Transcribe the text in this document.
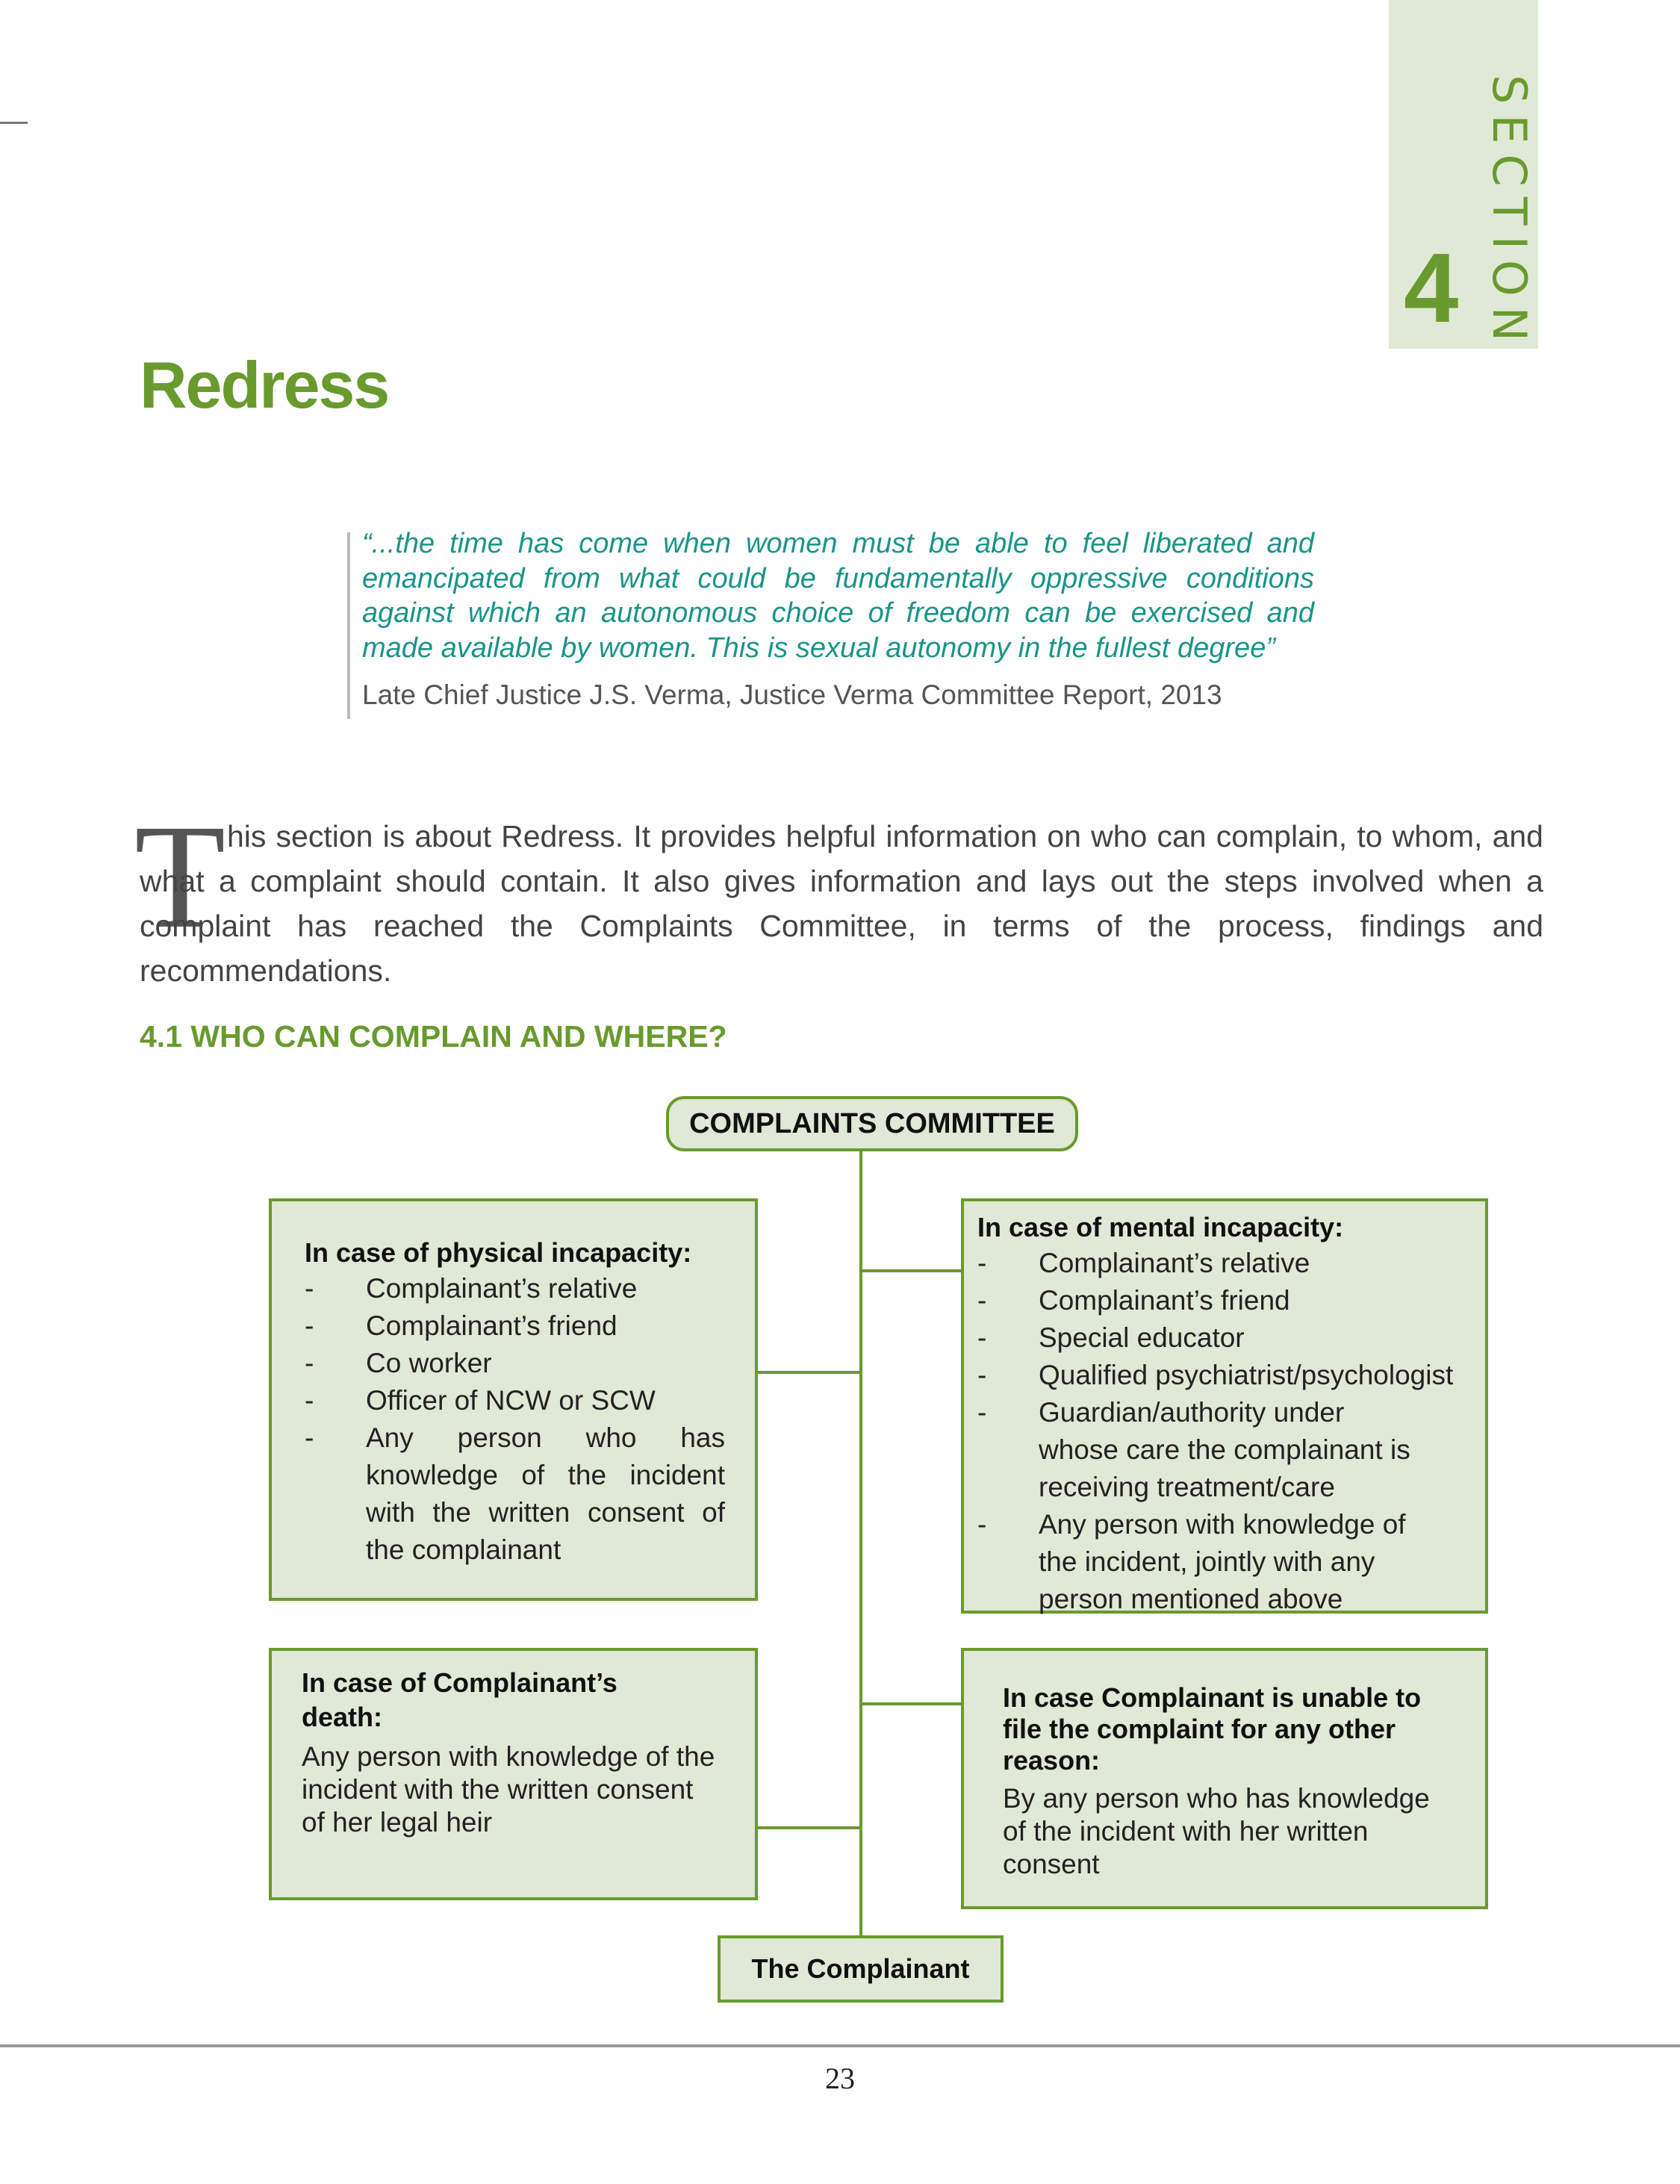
SECTION
4
Redress
“...the time has come when women must be able to feel liberated and emancipated from what could be fundamentally oppressive conditions against which an autonomous choice of freedom can be exercised and made available by women. This is sexual autonomy in the fullest degree”
Late Chief Justice J.S. Verma, Justice Verma Committee Report, 2013
T his section is about Redress. It provides helpful information on who can complain, to whom, and what a complaint should contain. It also gives information and lays out the steps involved when a complaint has reached the Complaints Committee, in terms of the process, findings and recommendations.
4.1 WHO CAN COMPLAIN AND WHERE?
COMPLAINTS COMMITTEE
In case of physical incapacity:
-	Complainant’s relative
-	Complainant’s friend
-	Co worker
-	Officer of NCW or SCW
-	Any person who has knowledge of the incident with the written consent of the complainant
In case of mental incapacity:
-	Complainant’s relative
-	Complainant’s friend
-	Special educator
-	Qualified psychiatrist/psychologist
-	Guardian/authority under whose care the complainant is receiving treatment/care
-	Any person with knowledge of the incident, jointly with any person mentioned above
In case of Complainant’s death:
Any person with knowledge of the incident with the written consent of her legal heir
In case Complainant is unable to file the complaint for any other reason:
By any person who has knowledge of the incident with her written consent
The Complainant
23
